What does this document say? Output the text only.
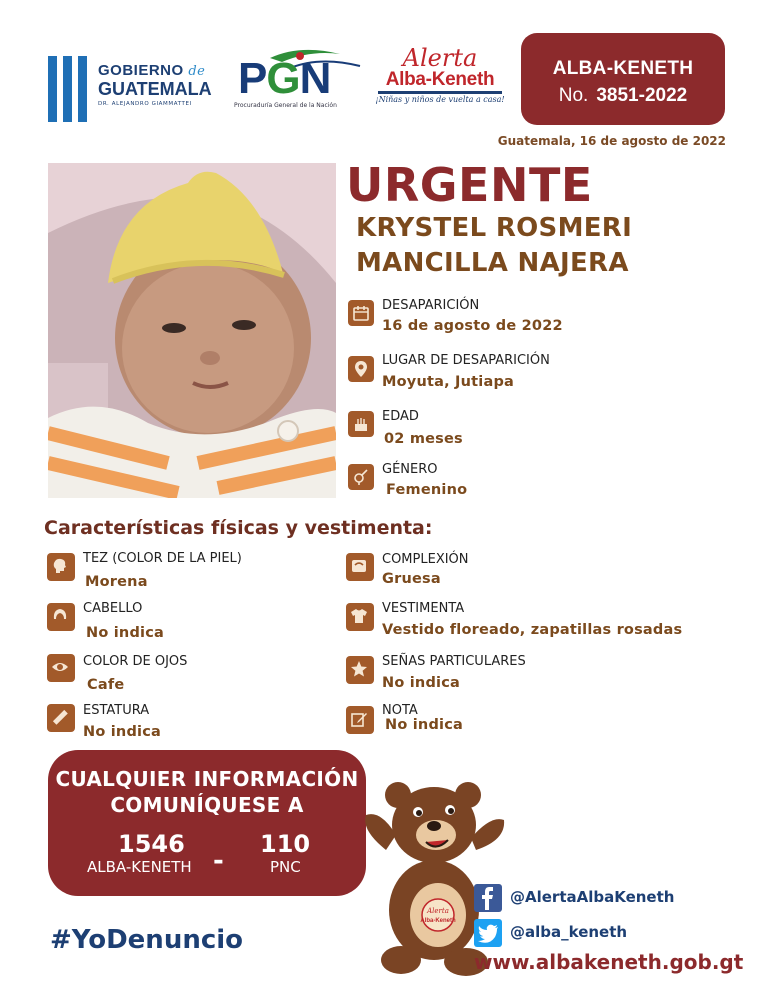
GOBIERNO de
GUATEMALA
DR. ALEJANDRO GIAMMATTEI
PGN
Procuraduría General de la Nación
Alerta
Alba-Keneth
¡Niñas y niños de vuelta a casa!
ALBA-KENETH
No. 3851-2022
Guatemala, 16 de agosto de 2022
URGENTE
KRYSTEL ROSMERI
MANCILLA NAJERA
DESAPARICIÓN
16 de agosto de 2022
LUGAR DE DESAPARICIÓN
Moyuta, Jutiapa
EDAD
02 meses
GÉNERO
Femenino
Características físicas y vestimenta:
TEZ (COLOR DE LA PIEL)
Morena
CABELLO
No indica
COLOR DE OJOS
Cafe
ESTATURA
No indica
COMPLEXIÓN
Gruesa
VESTIMENTA
Vestido floreado, zapatillas rosadas
SEÑAS PARTICULARES
No indica
NOTA
No indica
CUALQUIER INFORMACIÓN
COMUNÍQUESE A
1546
ALBA-KENETH -
110
PNC
Alerta
Alba-Keneth
@AlertaAlbaKeneth
@alba_keneth
www.albakeneth.gob.gt
#YoDenuncio
